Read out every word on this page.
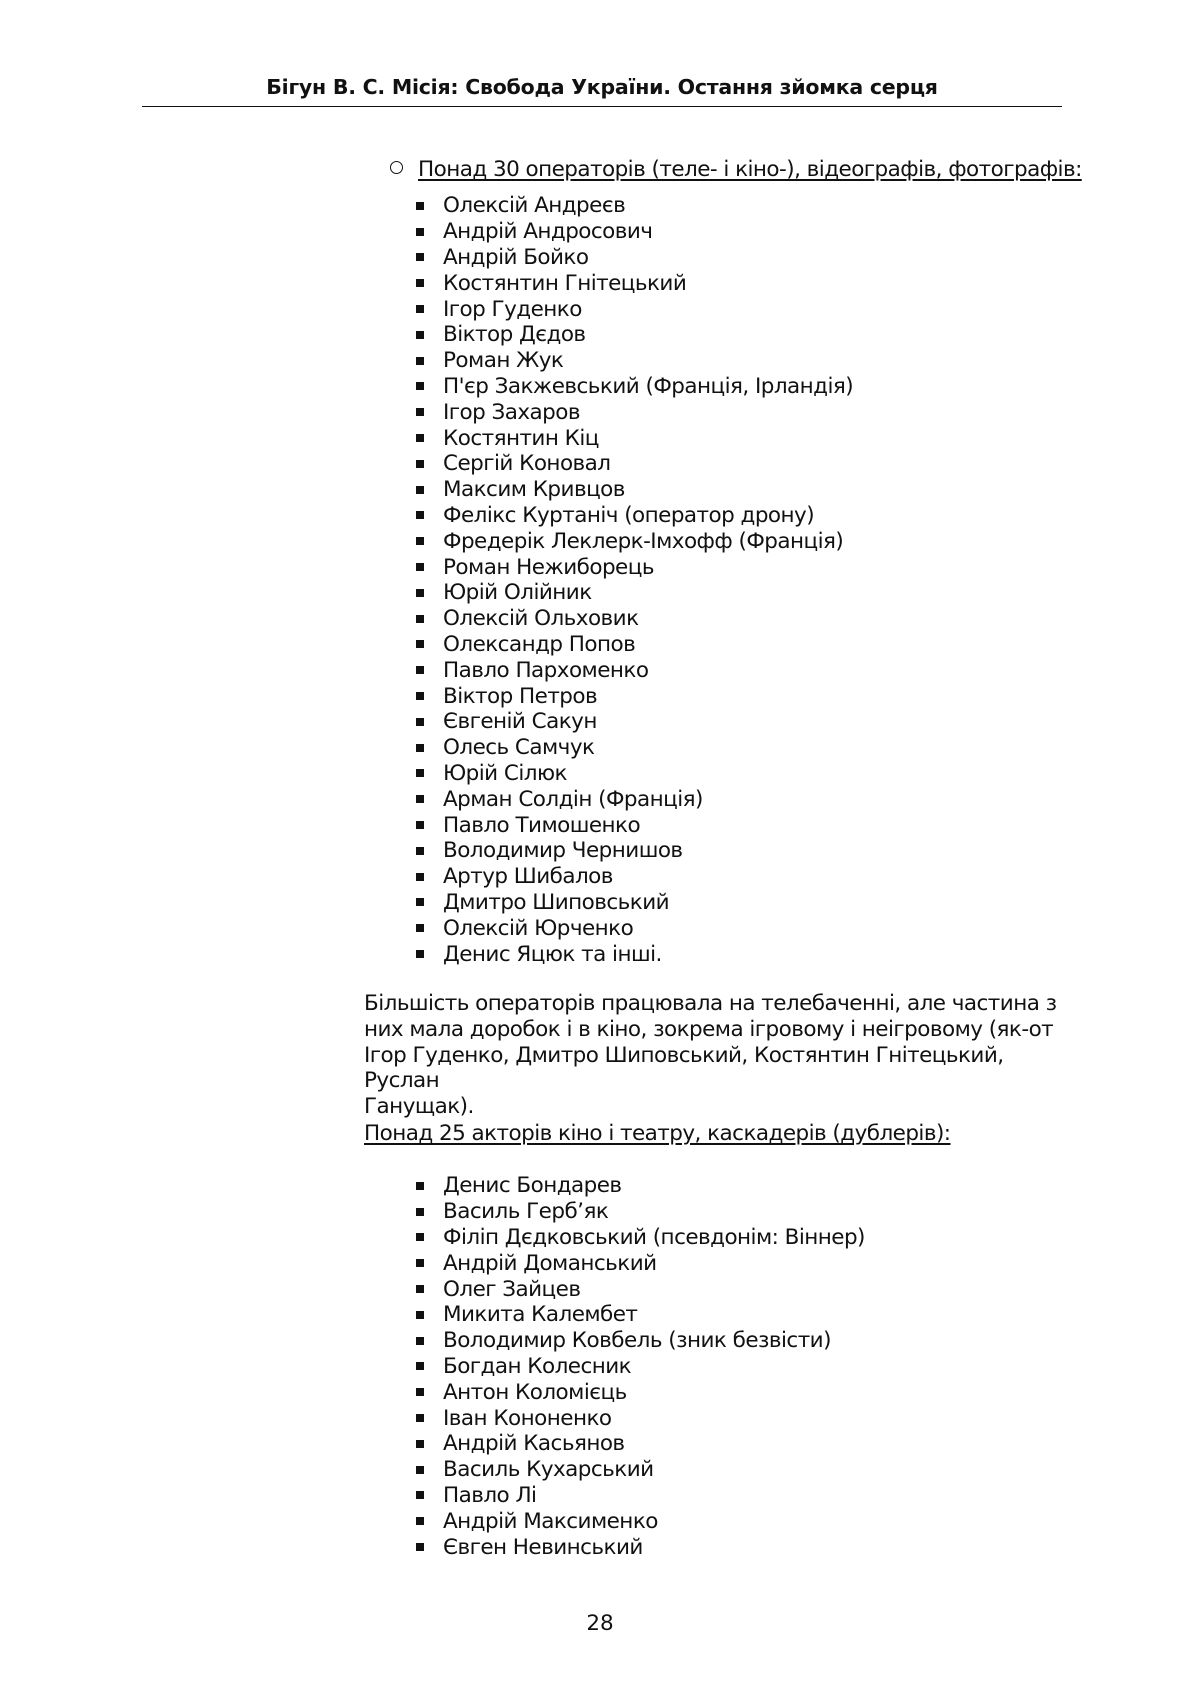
Бігун В. С. Місія: Свобода України. Остання зйомка серця
Понад 30 операторів (теле- і кіно-), відеографів, фотографів:
Олексій Андреєв
Андрій Андросович
Андрій Бойко
Костянтин Гнітецький
Ігор Гуденко
Віктор Дєдов
Роман Жук
П'єр Закжевський (Франція, Ірландія)
Ігор Захаров
Костянтин Кіц
Сергій Коновал
Максим Кривцов
Фелікс Куртаніч (оператор дрону)
Фредерік Леклерк-Імхофф (Франція)
Роман Нежиборець
Юрій Олійник
Олексій Ольховик
Олександр Попов
Павло Пархоменко
Віктор Петров
Євгеній Сакун
Олесь Самчук
Юрій Сілюк
Арман Солдін (Франція)
Павло Тимошенко
Володимир Чернишов
Артур Шибалов
Дмитро Шиповський
Олексій Юрченко
Денис Яцюк та інші.
Більшість операторів працювала на телебаченні, але частина з
них мала доробок і в кіно, зокрема ігровому і неігровому (як-от
Ігор Гуденко, Дмитро Шиповський, Костянтин Гнітецький, Руслан
Ганущак).
Понад 25 акторів кіно і театру, каскадерів (дублерів):
Денис Бондарев
Василь Герб’як
Філіп Дєдковський (псевдонім: Віннер)
Андрій Доманський
Олег Зайцев
Микита Калембет
Володимир Ковбель (зник безвісти)
Богдан Колесник
Антон Коломієць
Іван Кононенко
Андрій Касьянов
Василь Кухарський
Павло Лі
Андрій Максименко
Євген Невинський
28
